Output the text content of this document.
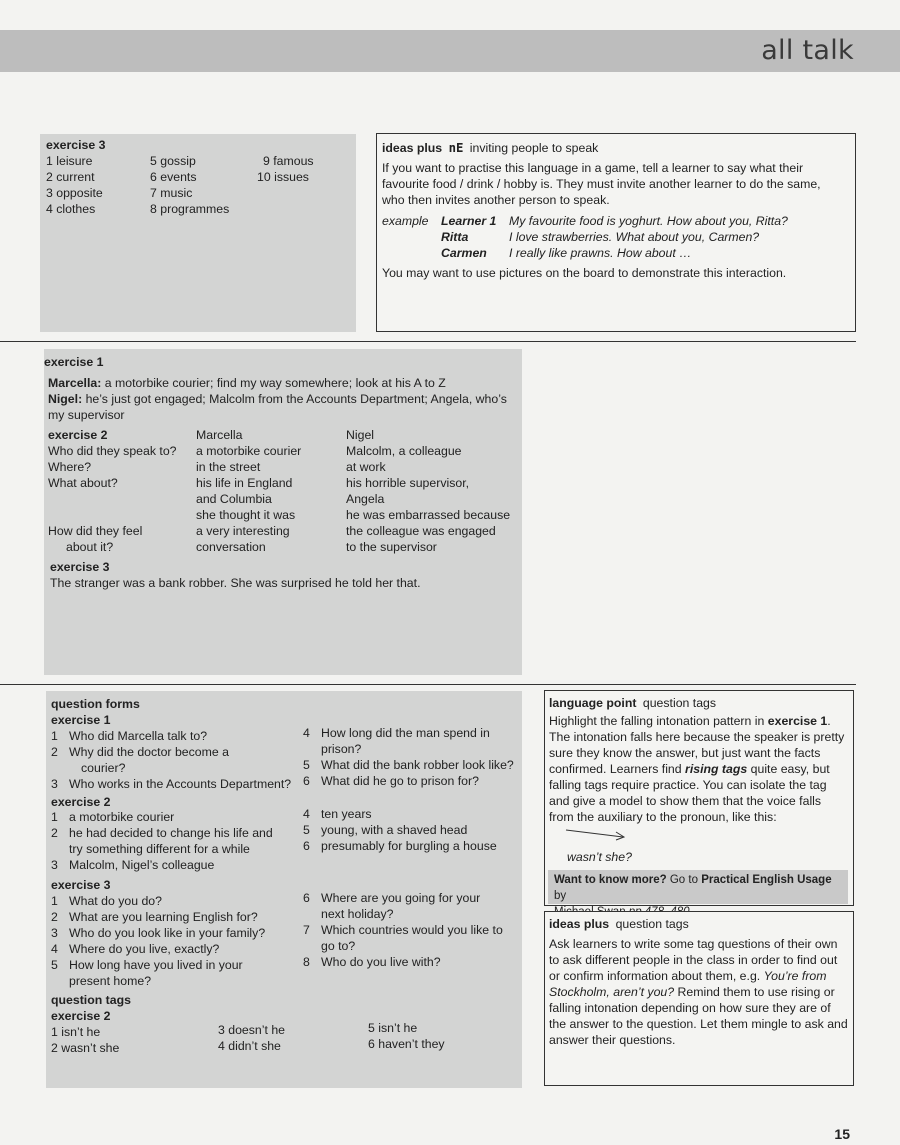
all talk
exercise 3
1 leisure
2 current
3 opposite
4 clothes
5 gossip
6 events
7 music
8 programmes
9 famous
10 issues
ideas plus nE inviting people to speak
If you want to practise this language in a game, tell a learner to say what their favourite food / drink / hobby is. They must invite another learner to do the same, who then invites another person to speak.
example Learner 1 My favourite food is yoghurt. How about you, Ritta?
Ritta	I love strawberries. What about you, Carmen?
Carmen I really like prawns. How about …
You may want to use pictures on the board to demonstrate this interaction.
exercise 1
Marcella: a motorbike courier; find my way somewhere; look at his A to Z
Nigel: he’s just got engaged; Malcolm from the Accounts Department; Angela, who’s
my supervisor
exercise 2
Who did they speak to?
Where?
What about?
How did they feel
about it?
Marcella
a motorbike courier
in the street
his life in England
and Columbia
she thought it was
a very interesting
conversation
Nigel
Malcolm, a colleague
at work
his horrible supervisor,
Angela
he was embarrassed because
the colleague was engaged
to the supervisor
exercise 3
The stranger was a bank robber. She was surprised he told her that.
question forms
exercise 1
1 Who did Marcella talk to?
2 Why did the doctor become a
courier?
3 Who works in the Accounts Department?
4 How long did the man spend in
prison?
5 What did the bank robber look like?
6 What did he go to prison for?
exercise 2
1 a motorbike courier
2 he had decided to change his life and
try something different for a while
3 Malcolm, Nigel’s colleague
4 ten years
5 young, with a shaved head
6 presumably for burgling a house
exercise 3
1 What do you do?
2 What are you learning English for?
3 Who do you look like in your family?
4 Where do you live, exactly?
5 How long have you lived in your
present home?
6 Where are you going for your
next holiday?
7 Which countries would you like to
go to?
8 Who do you live with?
question tags
exercise 2
1 isn’t he
2 wasn’t she
3 doesn’t he
4 didn’t she
5 isn’t he
6 haven’t they
language point question tags
Highlight the falling intonation pattern in exercise 1. The intonation falls here because the speaker is pretty sure they know the answer, but just want the facts confirmed. Learners find rising tags quite easy, but falling tags require practice. You can isolate the tag and give a model to show them that the voice falls from the auxiliary to the pronoun, like this:
wasn’t she?
Want to know more? Go to Practical English Usage by

ideas plus question tags
Ask learners to write some tag questions of their own to ask different people in the class in order to find out or confirm information about them, e.g. You’re from Stockholm, aren’t you? Remind them to use rising or falling intonation depending on how sure they are of the answer to the question. Let them mingle to ask and answer their questions.
15
